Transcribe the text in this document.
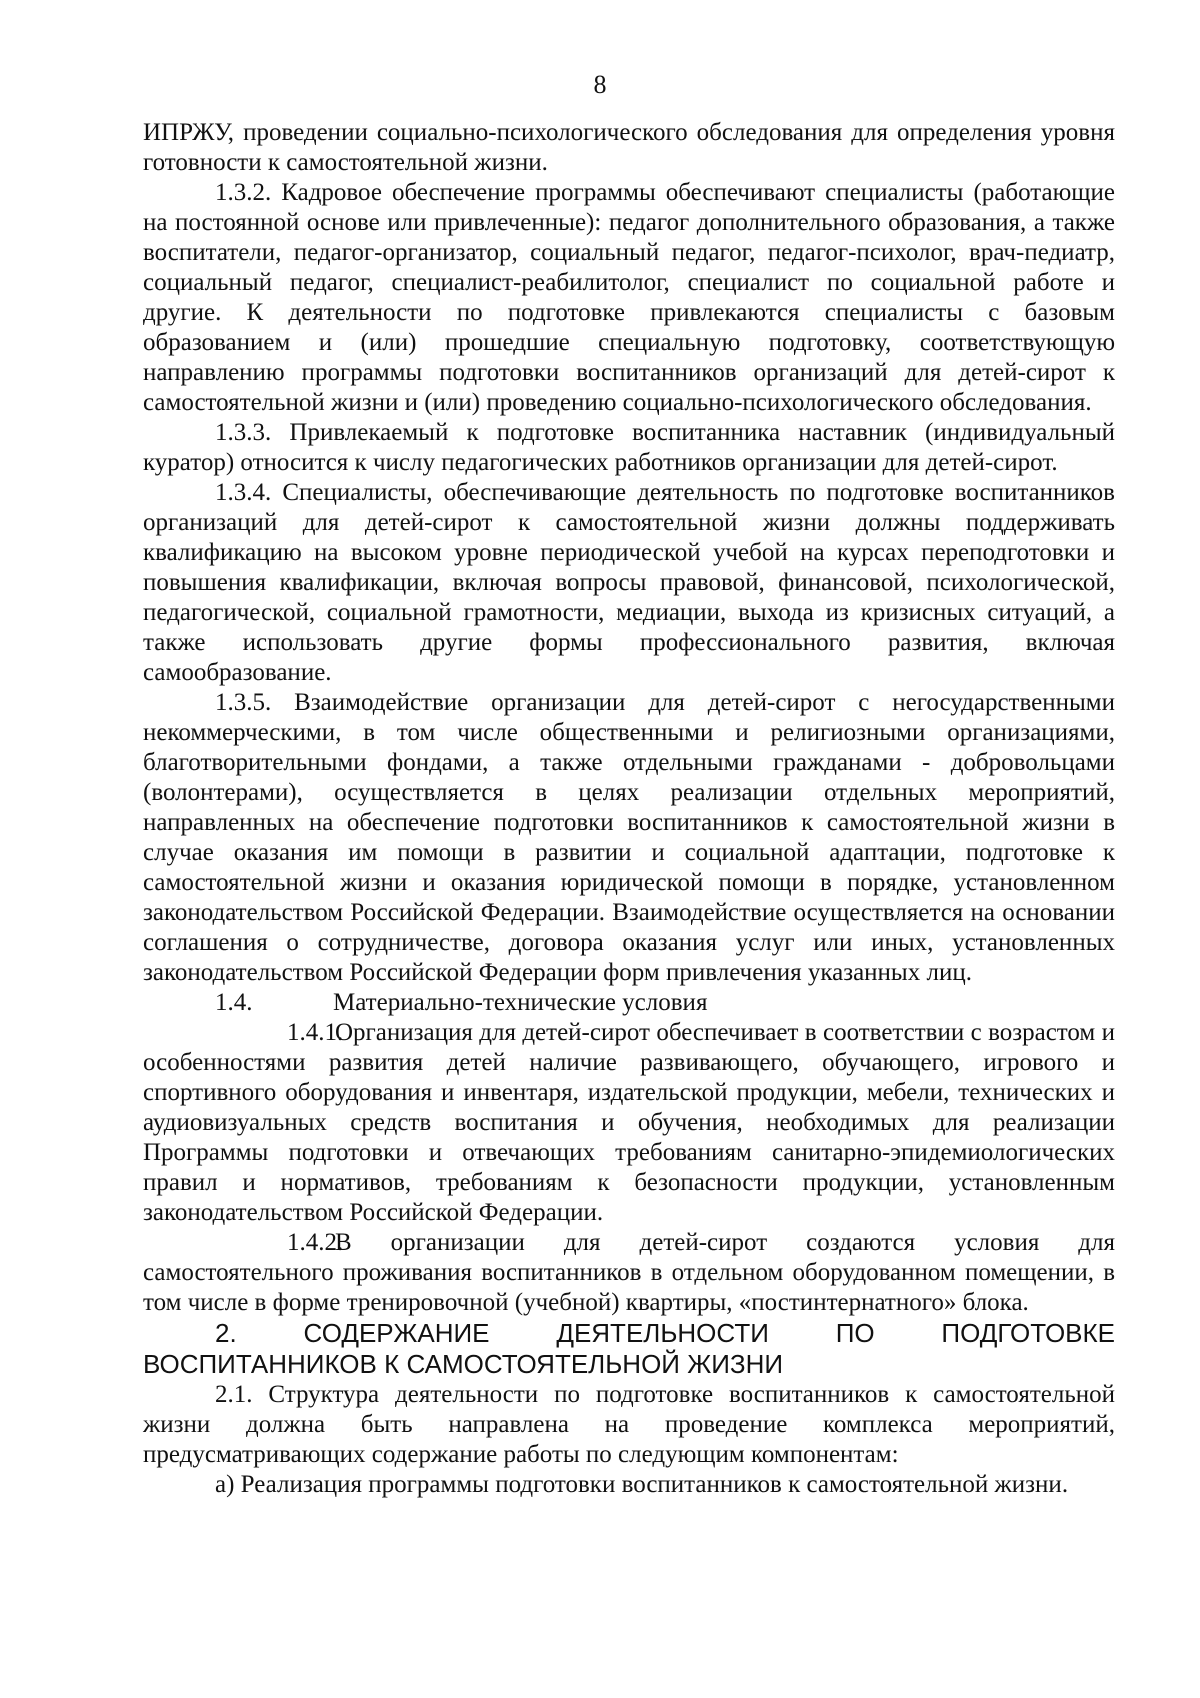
8

ИПРЖУ, проведении социально-психологического обследования для определения уровня готовности к самостоятельной жизни.

1.3.2. Кадровое обеспечение программы обеспечивают специалисты (работающие на постоянной основе или привлеченные): педагог дополнительного образования, а также воспитатели, педагог-организатор, социальный педагог, педагог-психолог, врач-педиатр, социальный педагог, специалист-реабилитолог, специалист по социальной работе и другие. К деятельности по подготовке привлекаются специалисты с базовым образованием и (или) прошедшие специальную подготовку, соответствующую направлению программы подготовки воспитанников организаций для детей-сирот к самостоятельной жизни и (или) проведению социально-психологического обследования.

1.3.3. Привлекаемый к подготовке воспитанника наставник (индивидуальный куратор) относится к числу педагогических работников организации для детей-сирот.

1.3.4. Специалисты, обеспечивающие деятельность по подготовке воспитанников организаций для детей-сирот к самостоятельной жизни должны поддерживать квалификацию на высоком уровне периодической учебой на курсах переподготовки и повышения квалификации, включая вопросы правовой, финансовой, психологической, педагогической, социальной грамотности, медиации, выхода из кризисных ситуаций, а также использовать другие формы профессионального развития, включая самообразование.

1.3.5. Взаимодействие организации для детей-сирот с негосударственными некоммерческими, в том числе общественными и религиозными организациями, благотворительными фондами, а также отдельными гражданами - добровольцами (волонтерами), осуществляется в целях реализации отдельных мероприятий, направленных на обеспечение подготовки воспитанников к самостоятельной жизни в случае оказания им помощи в развитии и социальной адаптации, подготовке к самостоятельной жизни и оказания юридической помощи в порядке, установленном законодательством Российской Федерации. Взаимодействие осуществляется на основании соглашения о сотрудничестве, договора оказания услуг или иных, установленных законодательством Российской Федерации форм привлечения указанных лиц.

1.4.	Материально-технические условия

1.4.1.Организация для детей-сирот обеспечивает в соответствии с возрастом и особенностями развития детей наличие развивающего, обучающего, игрового и спортивного оборудования и инвентаря, издательской продукции, мебели, технических и аудиовизуальных средств воспитания и обучения, необходимых для реализации Программы подготовки и отвечающих требованиям санитарно-эпидемиологических правил и нормативов, требованиям к безопасности продукции, установленным законодательством Российской Федерации.

1.4.2.В организации для детей-сирот создаются условия для самостоятельного проживания воспитанников в отдельном оборудованном помещении, в том числе в форме тренировочной (учебной) квартиры, «постинтернатного» блока.

2. СОДЕРЖАНИЕ ДЕЯТЕЛЬНОСТИ ПО ПОДГОТОВКЕ

ВОСПИТАННИКОВ К САМОСТОЯТЕЛЬНОЙ ЖИЗНИ

2.1. Структура деятельности по подготовке воспитанников к самостоятельной жизни должна быть направлена на проведение комплекса мероприятий, предусматривающих содержание работы по следующим компонентам:

а) Реализация программы подготовки воспитанников к самостоятельной жизни.
